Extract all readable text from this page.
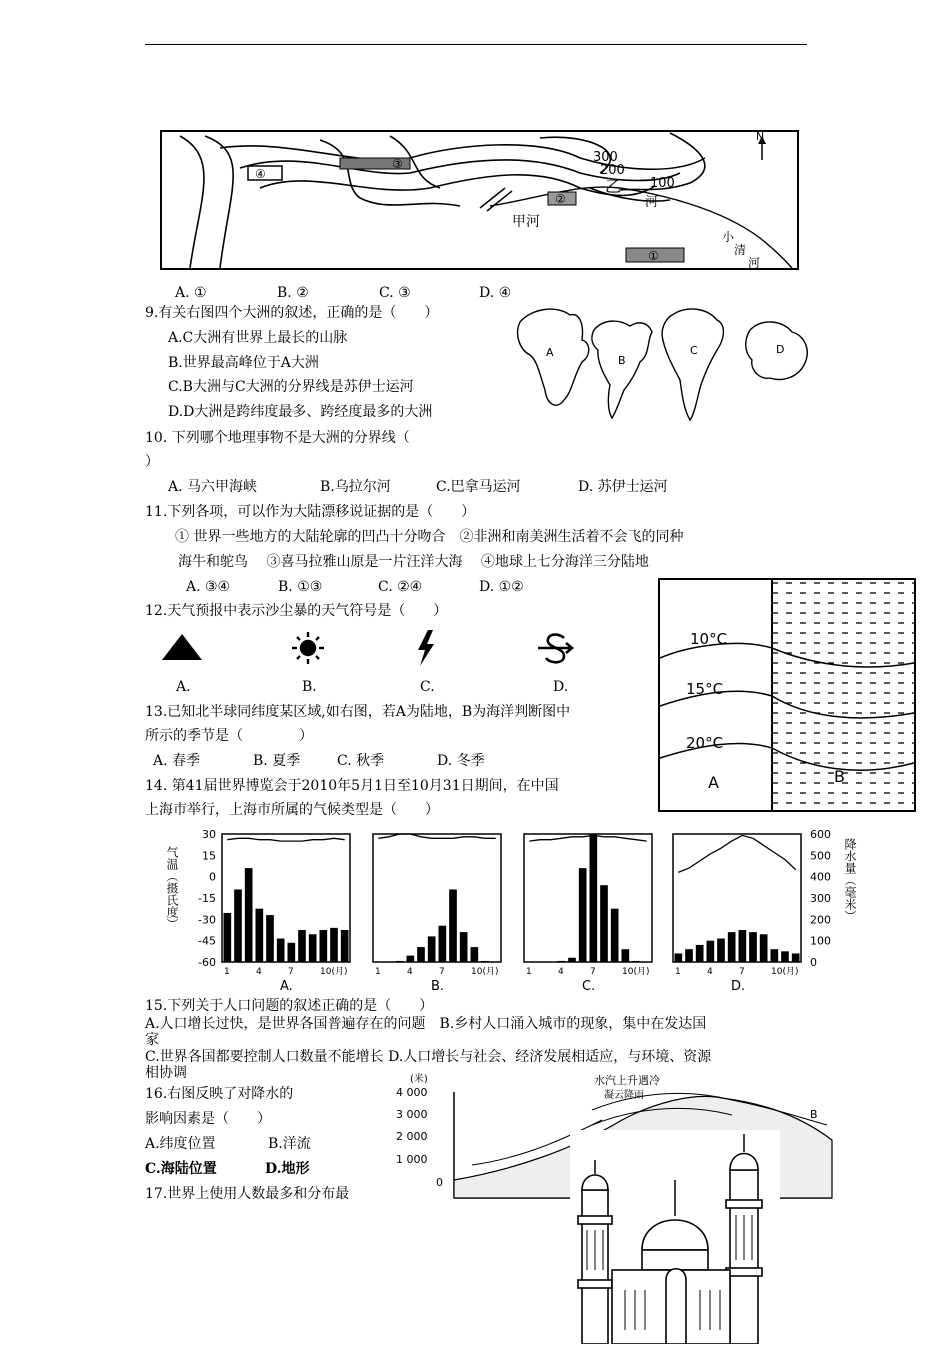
N
300
200
100
乙
河
甲河
小
清
河
④
③
②
①
A. ①	B. ②	C. ③	D. ④
9.有关右图四个大洲的叙述，正确的是（　　）
A.C大洲有世界上最长的山脉
B.世界最高峰位于A大洲
C.B大洲与C大洲的分界线是苏伊士运河
D.D大洲是跨纬度最多、跨经度最多的大洲
A
B
C	D
10. 下列哪个地理事物不是大洲的分界线（
）
A. 马六甲海峡	B.乌拉尔河	C.巴拿马运河	D. 苏伊士运河
11.下列各项，可以作为大陆漂移说证据的是（　　）
① 世界一些地方的大陆轮廓的凹凸十分吻合　②非洲和南美洲生活着不会飞的同种
海牛和鸵鸟　 ③喜马拉雅山原是一片汪洋大海　 ④地球上七分海洋三分陆地
A. ③④	B. ①③	C. ②④	D. ①②
12.天气预报中表示沙尘暴的天气符号是（　　）
A.	B.	C.	D.
13.已知北半球同纬度某区域,如右图，若A为陆地，B为海洋判断图中
所示的季节是（　　　　）
A. 春季	B. 夏季	C. 秋季	D. 冬季
10°C
15°C
20°C
A	B
14. 第41届世界博览会于2010年5月1日至10月31日期间，在中国
上海市举行，上海市所属的气候类型是（　　）
气温（摄氏度）	降水量（毫米）
30
15
0
-15
-30
-45
-60
600
500
400
300
200
100
0
1	4	7	10(月)
A.
1	4	7	10(月)
B.
1	4	7	10(月)
C.
1	4	7	10(月)
D.
15.下列关于人口问题的叙述正确的是（　　）
A.人口增长过快，是世界各国普遍存在的问题　B.乡村人口涌入城市的现象，集中在发达国
家
C.世界各国都要控制人口数量不能增长 D.人口增长与社会、经济发展相适应，与环境、资源
相协调
16.右图反映了对降水的
影响因素是（　　）
A.纬度位置	B.洋流
C.海陆位置	D.地形
(米)
4 000
3 000
2 000
1 000
0
水汽上升遇冷
凝云降雨
B
17.世界上使用人数最多和分布最
